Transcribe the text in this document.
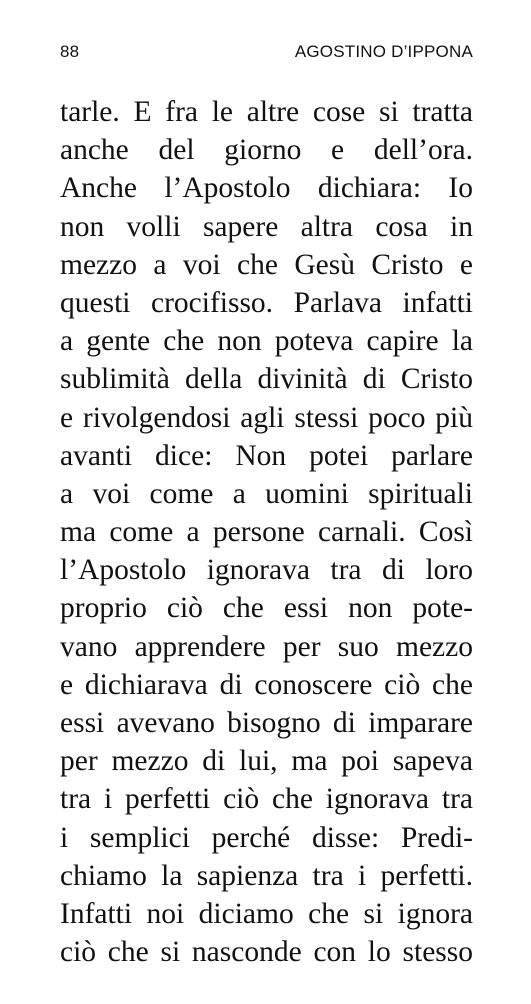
88	AGOSTINO D’IPPONA
tarle. E fra le altre cose si tratta
anche del giorno e dell’ora.
Anche l’Apostolo dichiara: Io
non volli sapere altra cosa in
mezzo a voi che Gesù Cristo e
questi crocifisso. Parlava infatti
a gente che non poteva capire la
sublimità della divinità di Cristo
e rivolgendosi agli stessi poco più
avanti dice: Non potei parlare
a voi come a uomini spirituali
ma come a persone carnali. Così
l’Apostolo ignorava tra di loro
proprio ciò che essi non pote-
vano apprendere per suo mezzo
e dichiarava di conoscere ciò che
essi avevano bisogno di imparare
per mezzo di lui, ma poi sapeva
tra i perfetti ciò che ignorava tra
i semplici perché disse: Predi-
chiamo la sapienza tra i perfetti.
Infatti noi diciamo che si ignora
ciò che si nasconde con lo stesso
